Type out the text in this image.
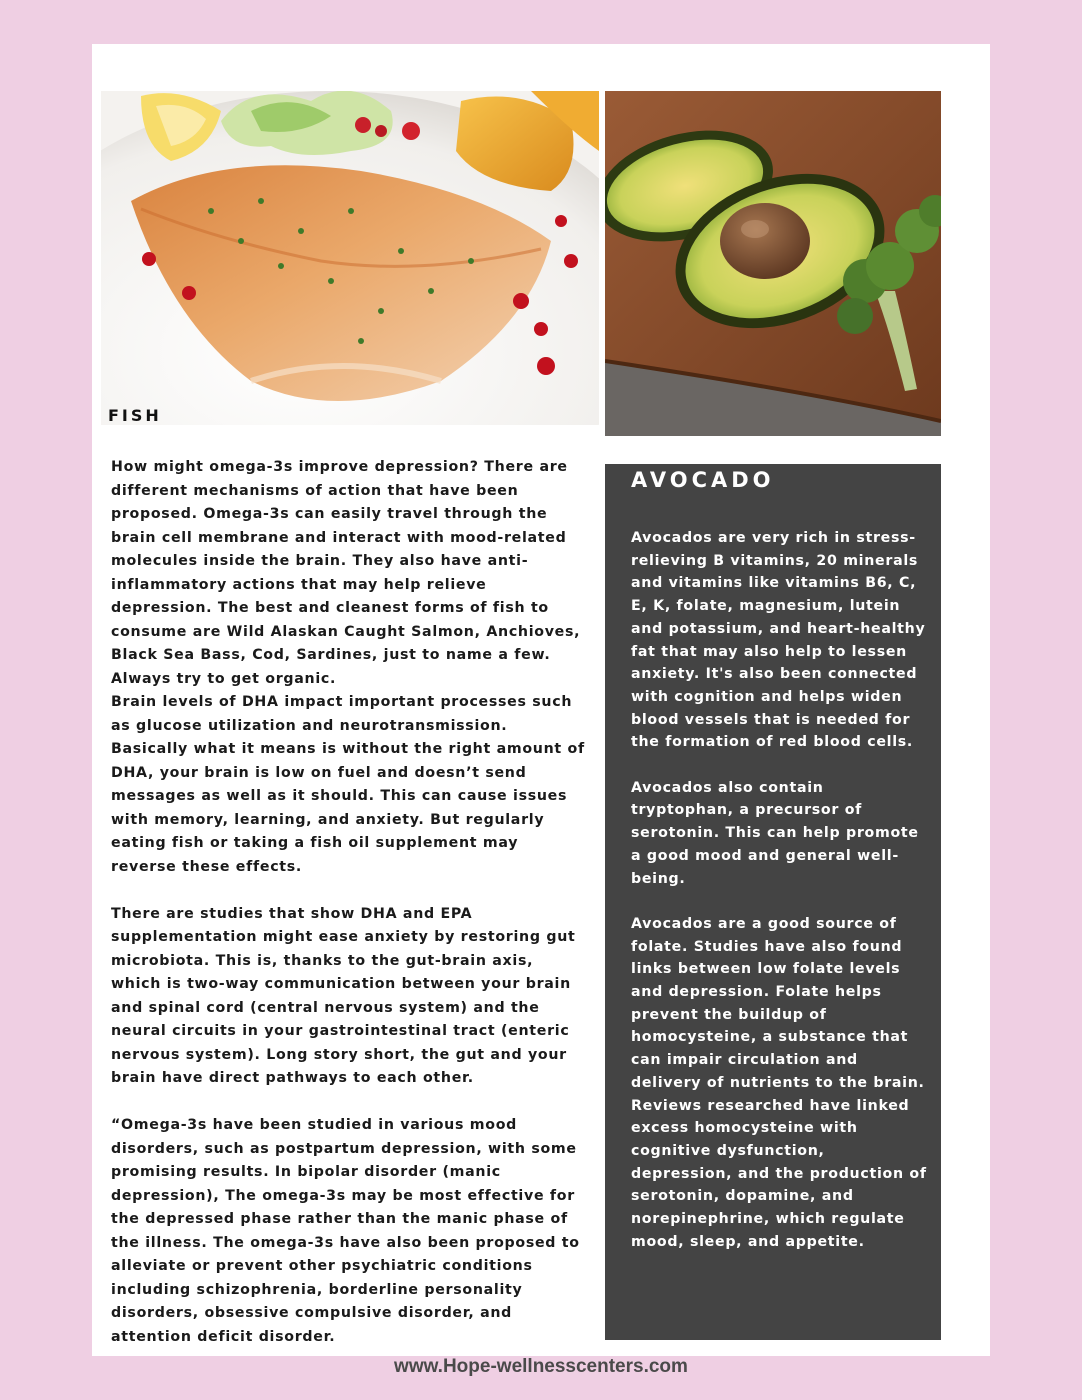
FISH

How might omega-3s improve depression? There are different mechanisms of action that have been proposed. Omega-3s can easily travel through the brain cell membrane and interact with mood-related molecules inside the brain. They also have anti-inflammatory actions that may help relieve depression. The best and cleanest forms of fish to consume are Wild Alaskan Caught Salmon, Anchioves, Black Sea Bass, Cod, Sardines, just to name a few. Always try to get organic.

Brain levels of DHA impact important processes such as glucose utilization and neurotransmission. Basically what it means is without the right amount of DHA, your brain is low on fuel and doesn’t send messages as well as it should. This can cause issues with memory, learning, and anxiety. But regularly eating fish or taking a fish oil supplement may reverse these effects.

There are studies that show DHA and EPA supplementation might ease anxiety by restoring gut microbiota. This is, thanks to the gut-brain axis, which is two-way communication between your brain and spinal cord (central nervous system) and the neural circuits in your gastrointestinal tract (enteric nervous system). Long story short, the gut and your brain have direct pathways to each other.

“Omega-3s have been studied in various mood disorders, such as postpartum depression, with some promising results. In bipolar disorder (manic depression), The omega-3s may be most effective for the depressed phase rather than the manic phase of the illness. The omega-3s have also been proposed to alleviate or prevent other psychiatric conditions including schizophrenia, borderline personality disorders, obsessive compulsive disorder, and attention deficit disorder.

AVOCADO

Avocados are very rich in stress-relieving B vitamins, 20 minerals and vitamins like vitamins B6, C, E, K, folate, magnesium, lutein and potassium, and heart-healthy fat that may also help to lessen anxiety. It's also been connected with cognition and helps widen blood vessels that is needed for the formation of red blood cells.

Avocados also contain tryptophan, a precursor of serotonin. This can help promote a good mood and general well-being.

Avocados are a good source of folate. Studies have also found links between low folate levels and depression. Folate helps prevent the buildup of homocysteine, a substance that can impair circulation and delivery of nutrients to the brain. Reviews researched have linked excess homocysteine with cognitive dysfunction, depression, and the production of serotonin, dopamine, and norepinephrine, which regulate mood, sleep, and appetite.

www.Hope-wellnesscenters.com
